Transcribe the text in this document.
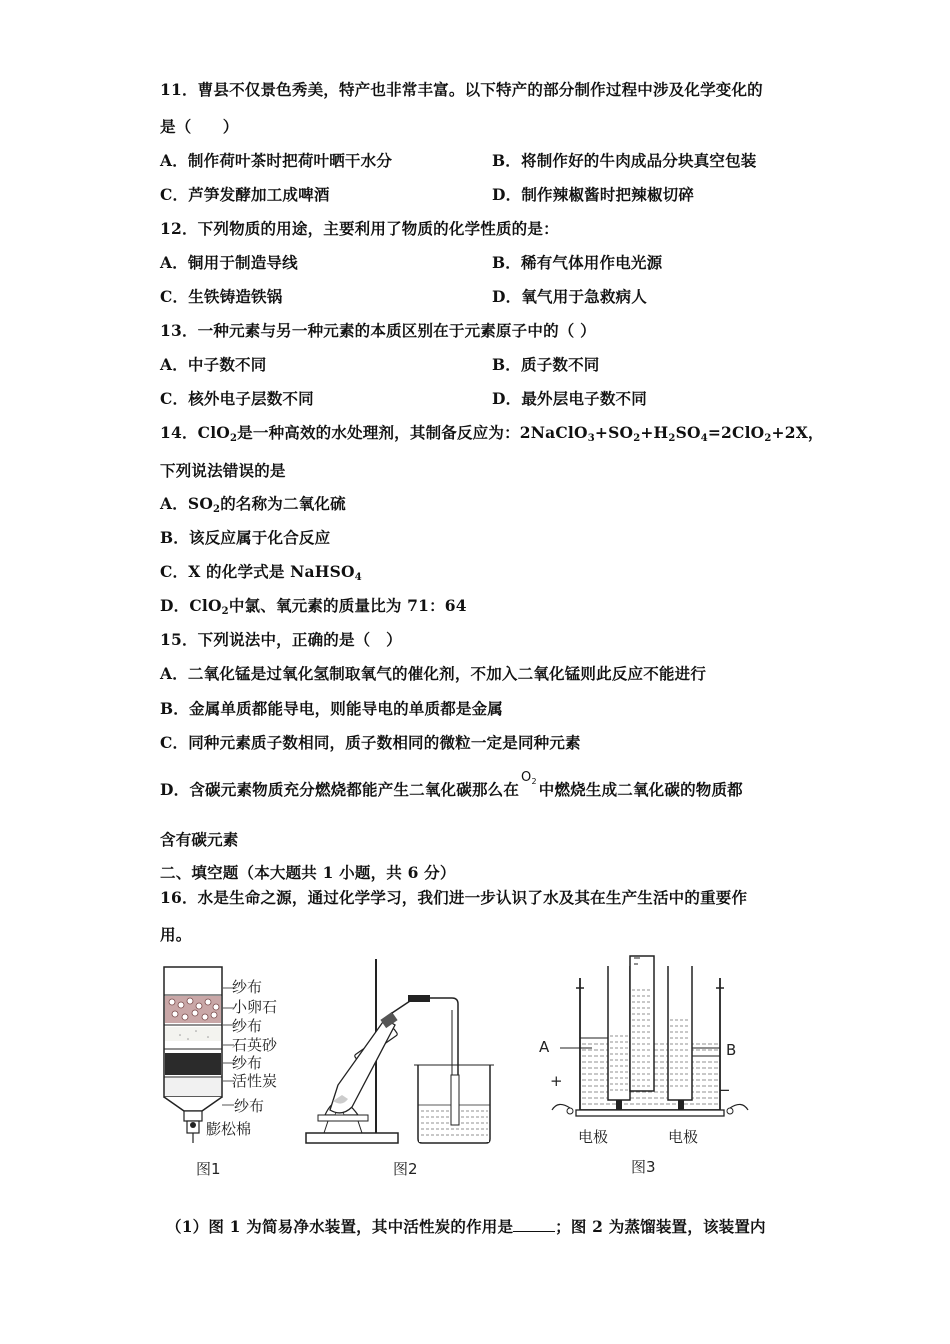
11．曹县不仅景色秀美，特产也非常丰富。以下特产的部分制作过程中涉及化学变化的
是（　　）
A．制作荷叶茶时把荷叶晒干水分	B．将制作好的牛肉成品分块真空包装
C．芦笋发酵加工成啤酒	D．制作辣椒酱时把辣椒切碎
12．下列物质的用途，主要利用了物质的化学性质的是：
A．铜用于制造导线	B．稀有气体用作电光源
C．生铁铸造铁锅	D．氧气用于急救病人
13．一种元素与另一种元素的本质区别在于元素原子中的（ ）
A．中子数不同	B．质子数不同
C．核外电子层数不同	D．最外层电子数不同
14．ClO$_2$是一种高效的水处理剂，其制备反应为：$2NaClO_3+SO_2+H_2SO_4=2ClO_2+2X$，
下列说法错误的是
A．$SO_2$的名称为二氧化硫
B．该反应属于化合反应
C．X 的化学式是 NaHSO$_4$
D．ClO$_2$中氯、氧元素的质量比为 71：64
15．下列说法中，正确的是（　）
A．二氧化锰是过氧化氢制取氧气的催化剂，不加入二氧化锰则此反应不能进行
B．金属单质都能导电，则能导电的单质都是金属
C．同种元素质子数相同，质子数相同的微粒一定是同种元素
D．含碳元素物质充分燃烧都能产生二氧化碳那么在$^{O_2}$ 中燃烧生成二氧化碳的物质都
含有碳元素
二、填空题（本大题共 1 小题，共 6 分）
16．水是生命之源，通过化学学习，我们进一步认识了水及其在生产生活中的重要作
用。
纱布
小卵石
纱布
石英砂
纱布
活性炭
纱布
膨松棉
图1	图2
A	B
+	−
电极	电极
图3
（1）图 1 为简易净水装置，其中活性炭的作用是	；图 2 为蒸馏装置，该装置内
